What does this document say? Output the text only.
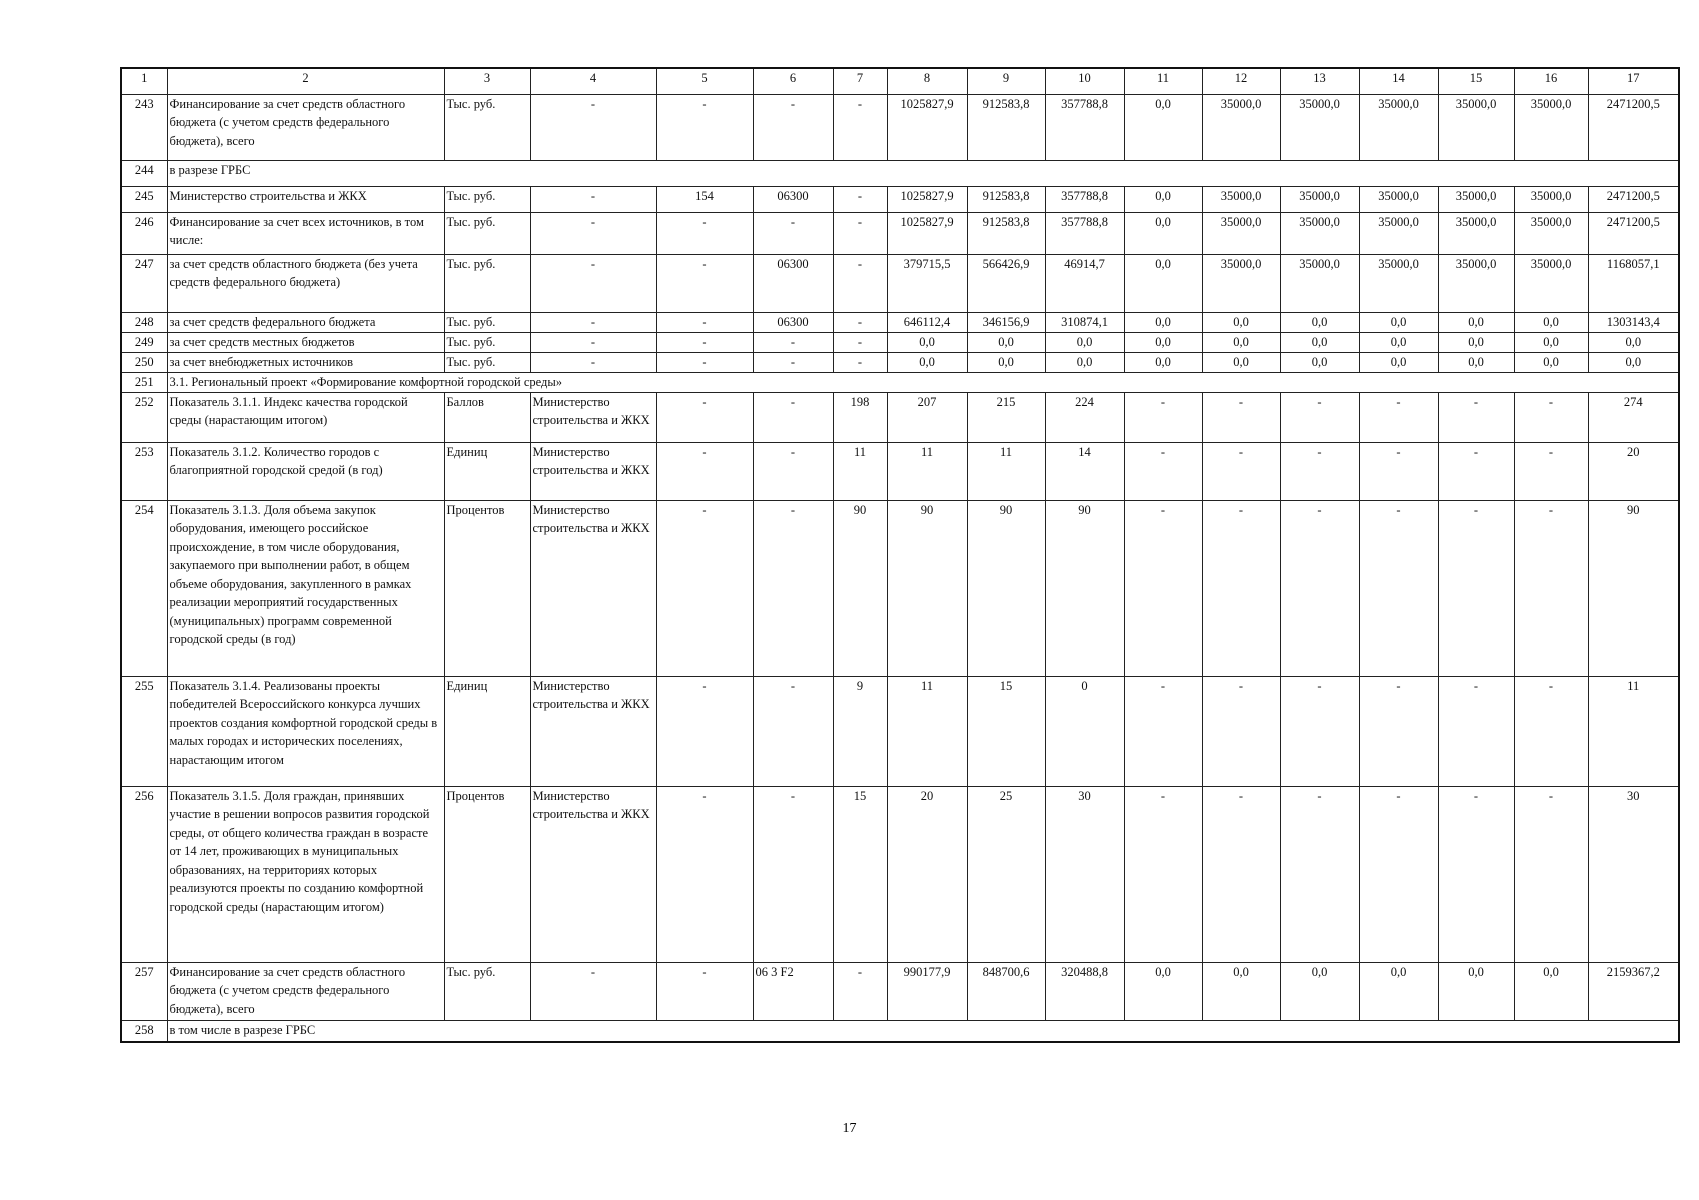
1	2	3	4	5	6	7	8	9	10	11	12	13	14	15	16	17
243	Финансирование за счет средств областного бюджета (с учетом средств федерального бюджета), всего	Тыс. руб.	-	-	-	-	1025827,9	912583,8	357788,8	0,0	35000,0	35000,0	35000,0	35000,0	35000,0	2471200,5
244	в разрезе ГРБС															
245	Министерство строительства и ЖКХ	Тыс. руб.	-	154	06300	-	1025827,9	912583,8	357788,8	0,0	35000,0	35000,0	35000,0	35000,0	35000,0	2471200,5
246	Финансирование за счет всех источников, в том числе:	Тыс. руб.	-	-	-	-	1025827,9	912583,8	357788,8	0,0	35000,0	35000,0	35000,0	35000,0	35000,0	2471200,5
247	за счет средств областного бюджета (без учета средств федерального бюджета)	Тыс. руб.	-	-	06300	-	379715,5	566426,9	46914,7	0,0	35000,0	35000,0	35000,0	35000,0	35000,0	1168057,1
248	за счет средств федерального бюджета	Тыс. руб.	-	-	06300	-	646112,4	346156,9	310874,1	0,0	0,0	0,0	0,0	0,0	0,0	1303143,4
249	за счет средств местных бюджетов	Тыс. руб.	-	-	-	-	0,0	0,0	0,0	0,0	0,0	0,0	0,0	0,0	0,0	0,0
250	за счет внебюджетных источников	Тыс. руб.	-	-	-	-	0,0	0,0	0,0	0,0	0,0	0,0	0,0	0,0	0,0	0,0
251	3.1. Региональный проект «Формирование комфортной городской среды»															
252	Показатель 3.1.1. Индекс качества городской среды (нарастающим итогом)	Баллов	Министерство строительства и ЖКХ	-	-	198	207	215	224	-	-	-	-	-	-	274
253	Показатель 3.1.2. Количество городов с благоприятной городской средой (в год)	Единиц	Министерство строительства и ЖКХ	-	-	11	11	11	14	-	-	-	-	-	-	20
254	Показатель 3.1.3. Доля объема закупок оборудования, имеющего российское происхождение, в том числе оборудования, закупаемого при выполнении работ, в общем объеме оборудования, закупленного в рамках реализации мероприятий государственных (муниципальных) программ современной городской среды (в год)	Процентов	Министерство строительства и ЖКХ	-	-	90	90	90	90	-	-	-	-	-	-	90
255	Показатель 3.1.4. Реализованы проекты победителей Всероссийского конкурса лучших проектов создания комфортной городской среды в малых городах и исторических поселениях, нарастающим итогом	Единиц	Министерство строительства и ЖКХ	-	-	9	11	15	0	-	-	-	-	-	-	11
256	Показатель 3.1.5. Доля граждан, принявших участие в решении вопросов развития городской среды, от общего количества граждан в возрасте от 14 лет, проживающих в муниципальных образованиях, на территориях которых реализуются проекты по созданию комфортной городской среды (нарастающим итогом)	Процентов	Министерство строительства и ЖКХ	-	-	15	20	25	30	-	-	-	-	-	-	30
257	Финансирование за счет средств областного бюджета (с учетом средств федерального бюджета), всего	Тыс. руб.	-	-	06 3 F2	-	990177,9	848700,6	320488,8	0,0	0,0	0,0	0,0	0,0	0,0	2159367,2
258	в том числе в разрезе ГРБС															
17
